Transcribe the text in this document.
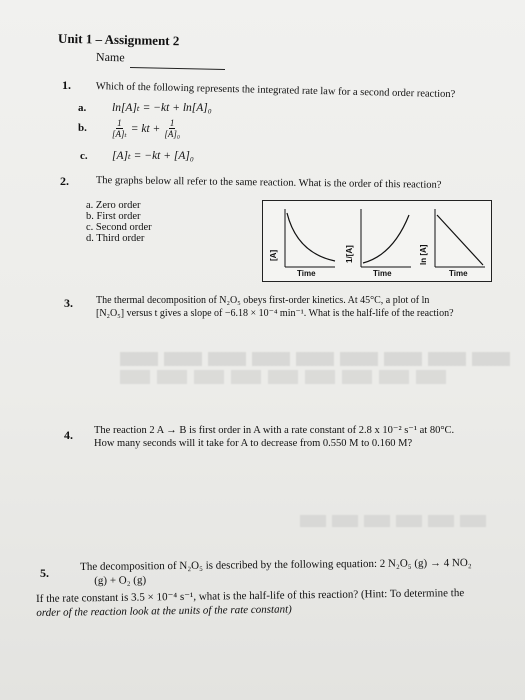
Unit 1 – Assignment 2
Name
1. Which of the following represents the integrated rate law for a second order reaction?
a. ln[A]ₜ = −kt + ln[A]₀
b.	$\frac{1}{\text{[A]ₜ}}$ = kt + $\frac{1}{\text{[A]₀}}$
c. [A]ₜ = −kt + [A]₀
2.	The graphs below all refer to the same reaction. What is the order of this reaction?
a. Zero order
b. First order
c. Second order
d. Third order
[A]	1/[A]	ln [A]
Time	Time	Time
3. The thermal decomposition of N₂O₅ obeys first-order kinetics. At 45°C, a plot of ln
[N₂O₅] versus t gives a slope of −6.18 × 10⁻⁴ min⁻¹. What is the half-life of the reaction?
4. The reaction 2 A → B is first order in A with a rate constant of 2.8 x 10⁻² s⁻¹ at 80°C.
How many seconds will it take for A to decrease from 0.550 M to 0.160 M?
5.
The decomposition of N₂O₅ is described by the following equation: 2 N₂O₅ (g) → 4 NO₂
(g) + O₂ (g)
If the rate constant is 3.5 × 10⁻⁴ s⁻¹, what is the half-life of this reaction? (Hint: To determine the
order of the reaction look at the units of the rate constant)
